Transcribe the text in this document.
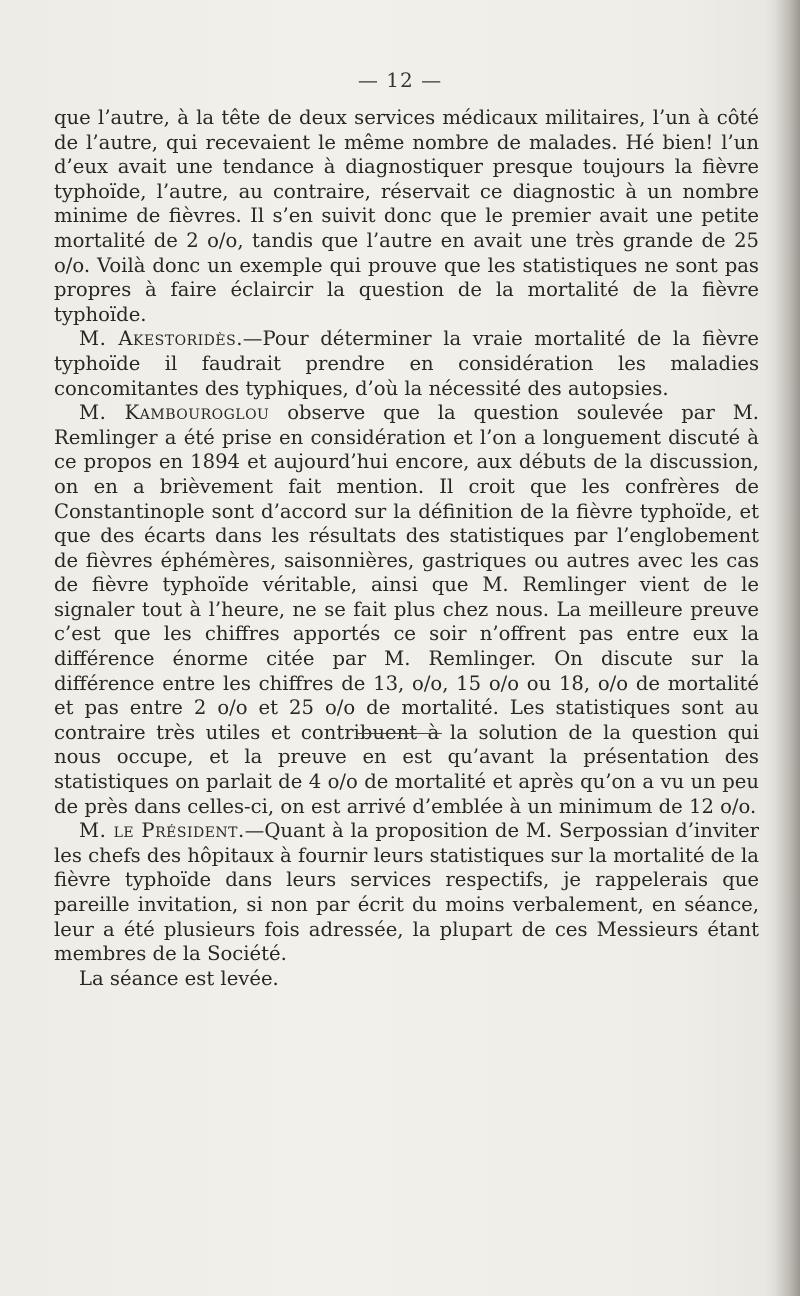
— 12 —

que l’autre, à la tête de deux services médicaux militaires, l’un à côté de l’autre, qui recevaient le même nombre de malades. Hé bien! l’un d’eux avait une tendance à diagnostiquer presque toujours la fièvre typhoïde, l’autre, au contraire, réservait ce diagnostic à un nombre minime de fièvres. Il s’en suivit donc que le premier avait une petite mortalité de 2 o/o, tandis que l’autre en avait une très grande de 25 o/o. Voilà donc un exemple qui prouve que les statistiques ne sont pas propres à faire éclaircir la question de la mortalité de la fièvre typhoïde.

M. Akestoridès.—Pour déterminer la vraie mortalité de la fièvre typhoïde il faudrait prendre en considération les maladies concomitantes des typhiques, d’où la nécessité des autopsies.

M. Kambouroglou observe que la question soulevée par M. Remlinger a été prise en considération et l’on a longuement discuté à ce propos en 1894 et aujourd’hui encore, aux débuts de la discussion, on en a brièvement fait mention. Il croit que les confrères de Constantinople sont d’accord sur la définition de la fièvre typhoïde, et que des écarts dans les résultats des statistiques par l’englobement de fièvres éphémères, saisonnières, gastriques ou autres avec les cas de fièvre typhoïde véritable, ainsi que M. Remlinger vient de le signaler tout à l’heure, ne se fait plus chez nous. La meilleure preuve c’est que les chiffres apportés ce soir n’offrent pas entre eux la différence énorme citée par M. Remlinger. On discute sur la différence entre les chiffres de 13, o/o, 15 o/o ou 18, o/o de mortalité et pas entre 2 o/o et 25 o/o de mortalité. Les statistiques sont au contraire très utiles et contribuent à la solution de la question qui nous occupe, et la preuve en est qu’avant la présentation des statistiques on parlait de 4 o/o de mortalité et après qu’on a vu un peu de près dans celles-ci, on est arrivé d’emblée à un minimum de 12 o/o.

M. le Président.—Quant à la proposition de M. Serpossian d’inviter les chefs des hôpitaux à fournir leurs statistiques sur la mortalité de la fièvre typhoïde dans leurs services respectifs, je rappelerais que pareille invitation, si non par écrit du moins verbalement, en séance, leur a été plusieurs fois adressée, la plupart de ces Messieurs étant membres de la Société.

La séance est levée.
